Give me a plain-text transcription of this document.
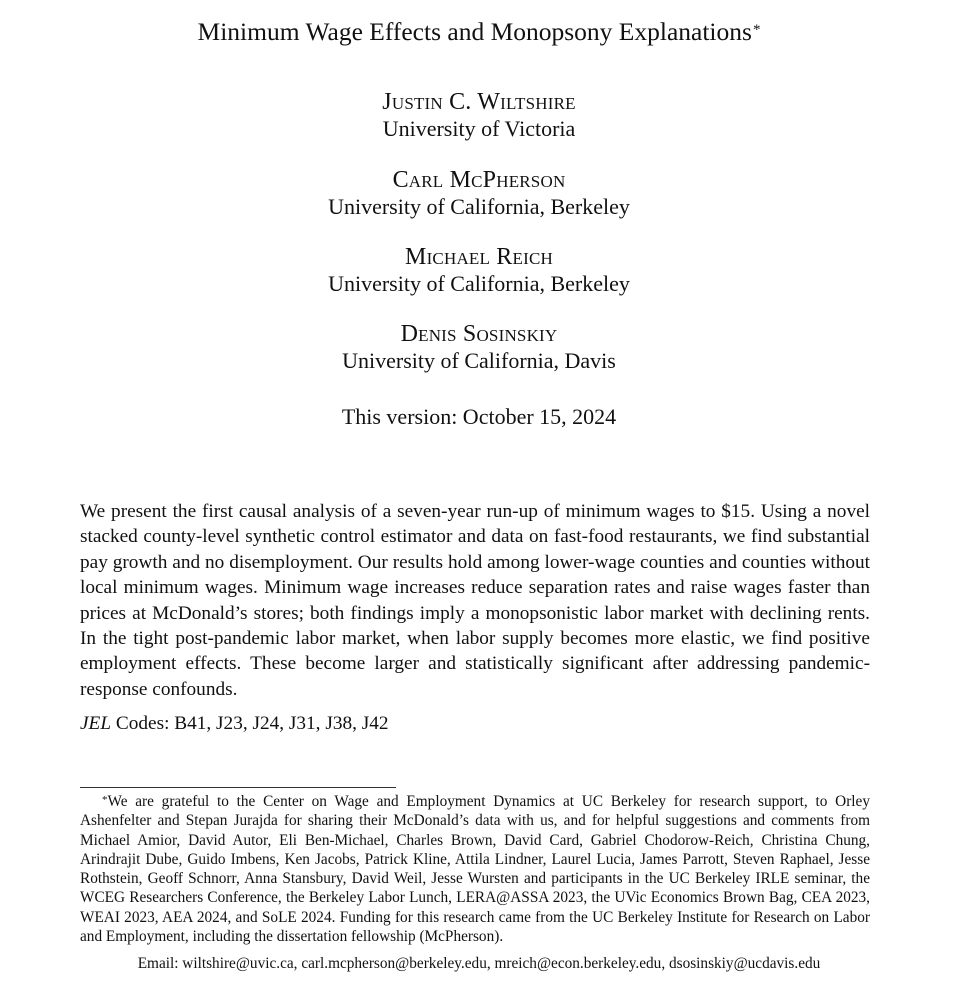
Minimum Wage Effects and Monopsony Explanations*
Justin C. Wiltshire
University of Victoria
Carl McPherson
University of California, Berkeley
Michael Reich
University of California, Berkeley
Denis Sosinskiy
University of California, Davis
This version: October 15, 2024

We present the first causal analysis of a seven-year run-up of minimum wages to $15. Using a novel stacked county-level synthetic control estimator and data on fast-food restaurants, we find substantial pay growth and no disemployment. Our results hold among lower-wage counties and counties without local minimum wages. Minimum wage increases reduce separation rates and raise wages faster than prices at McDonald’s stores; both findings imply a monopsonistic labor market with declining rents. In the tight post-pandemic labor market, when labor supply becomes more elastic, we find positive employment effects. These become larger and statistically significant after addressing pandemic-response confounds.

JEL Codes: B41, J23, J24, J31, J38, J42

*We are grateful to the Center on Wage and Employment Dynamics at UC Berkeley for research support, to Orley Ashenfelter and Stepan Jurajda for sharing their McDonald’s data with us, and for helpful suggestions and comments from Michael Amior, David Autor, Eli Ben-Michael, Charles Brown, David Card, Gabriel Chodorow-Reich, Christina Chung, Arindrajit Dube, Guido Imbens, Ken Jacobs, Patrick Kline, Attila Lindner, Laurel Lucia, James Parrott, Steven Raphael, Jesse Rothstein, Geoff Schnorr, Anna Stansbury, David Weil, Jesse Wursten and participants in the UC Berkeley IRLE seminar, the WCEG Researchers Conference, the Berkeley Labor Lunch, LERA@ASSA 2023, the UVic Economics Brown Bag, CEA 2023, WEAI 2023, AEA 2024, and SoLE 2024. Funding for this research came from the UC Berkeley Institute for Research on Labor and Employment, including the dissertation fellowship (McPherson).

Email: wiltshire@uvic.ca, carl.mcpherson@berkeley.edu, mreich@econ.berkeley.edu, dsosinskiy@ucdavis.edu
